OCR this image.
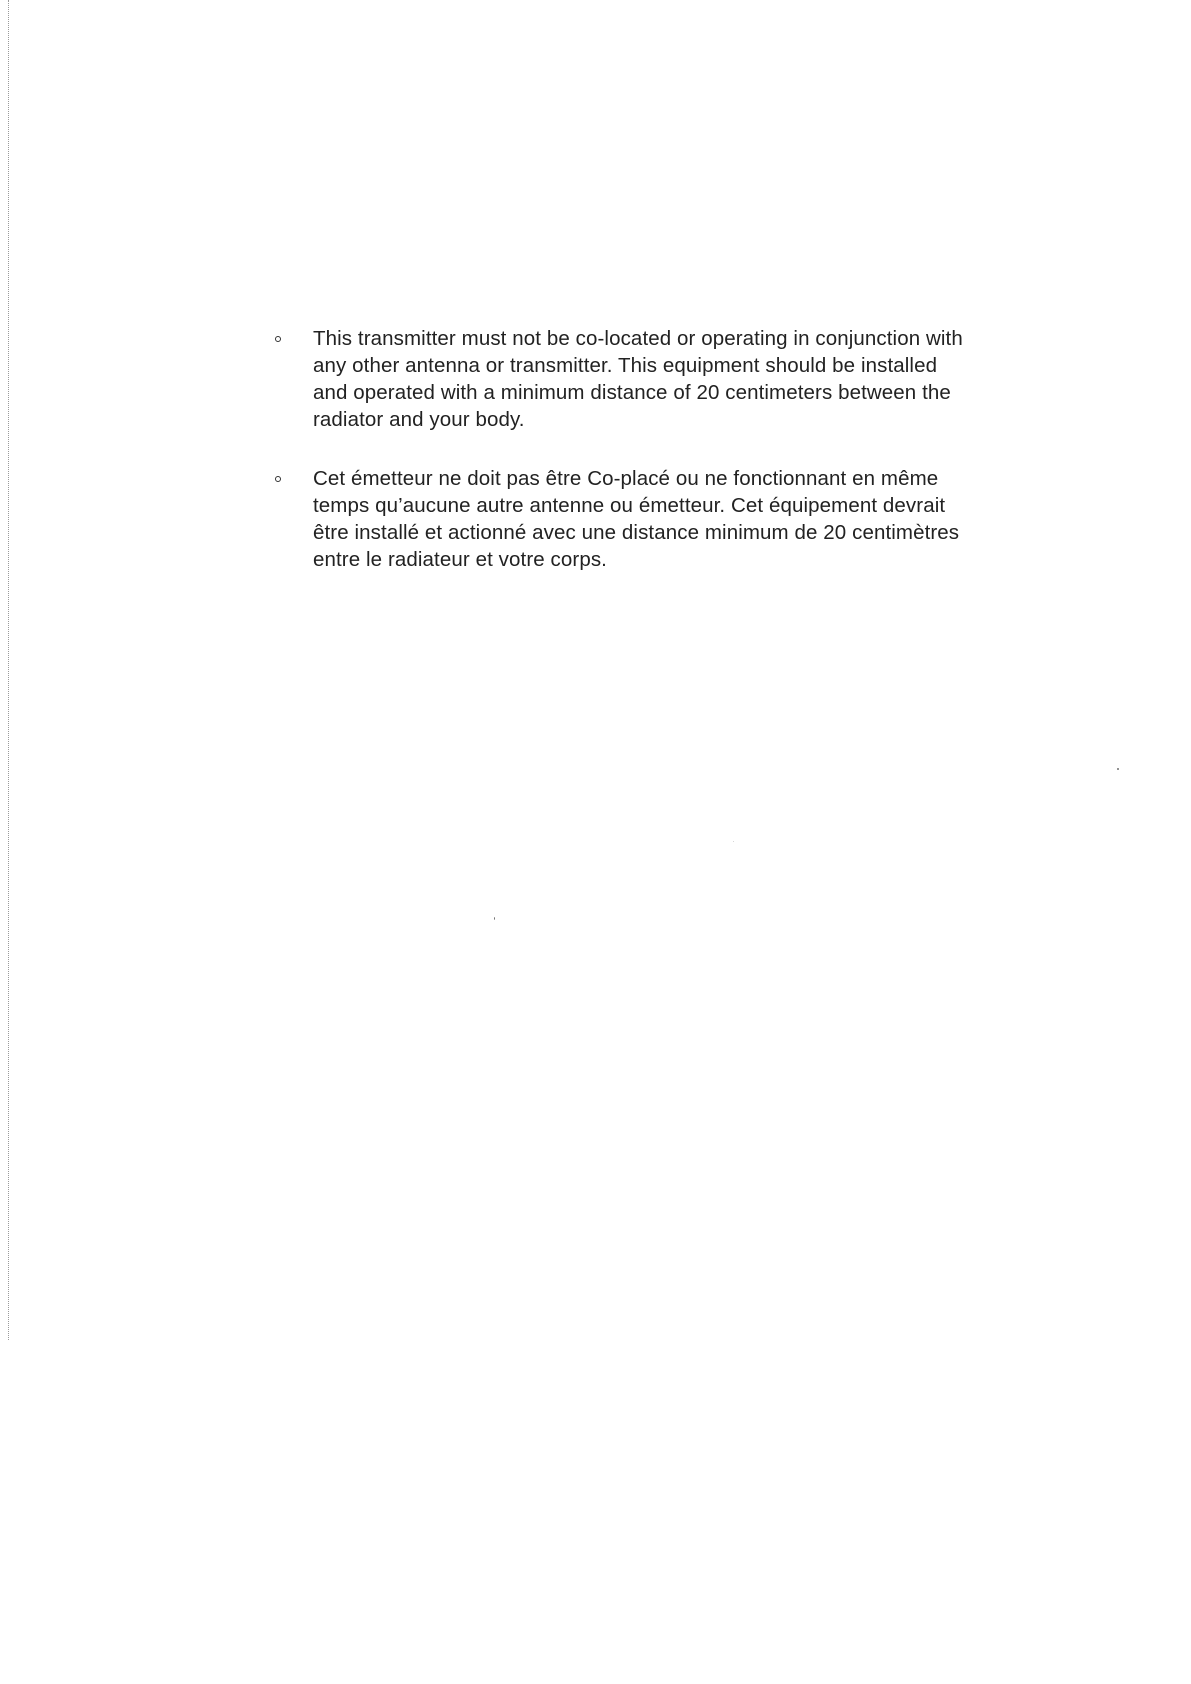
This transmitter must not be co-located or operating in conjunction with any other antenna or transmitter. This equipment should be installed and operated with a minimum distance of 20 centimeters between the radiator and your body.
Cet émetteur ne doit pas être Co-placé ou ne fonctionnant en même temps qu’aucune autre antenne ou émetteur. Cet équipement devrait être installé et actionné avec une distance minimum de 20 centimètres entre le radiateur et votre corps.
